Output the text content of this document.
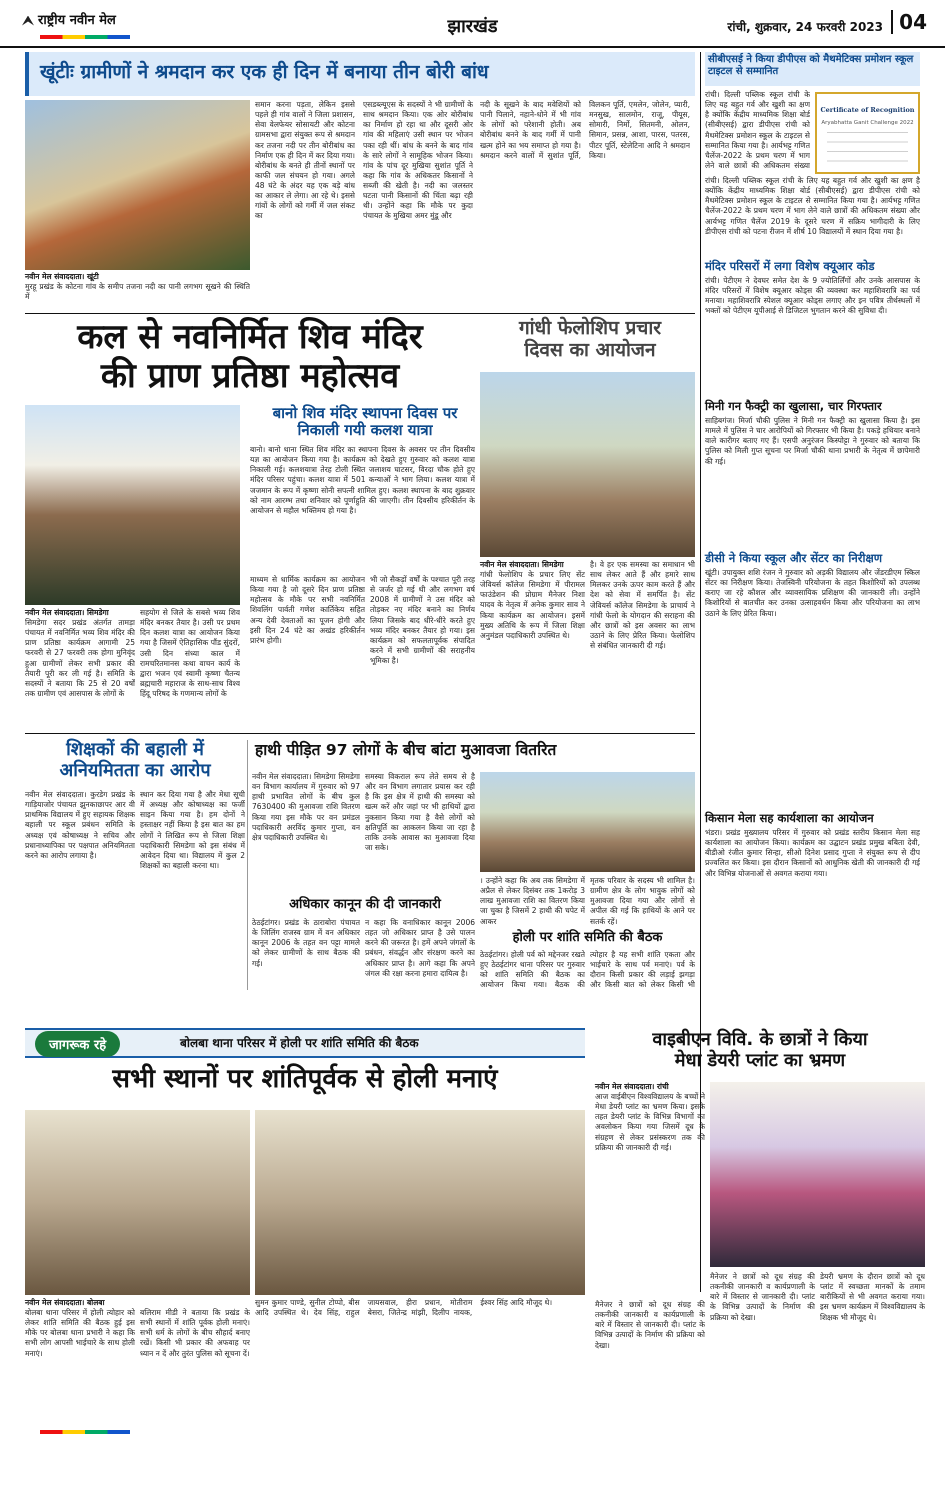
राष्ट्रीय नवीन मेल	झारखंड	रांची, शुक्रवार, 24 फरवरी 2023 04
खूंटीः ग्रामीणों ने श्रमदान कर एक ही दिन में बनाया तीन बोरी बांध
नवीन मेल संवाददाता। खूंटी
मुरहू प्रखंड के कोटना गांव के समीप तजना नदी का पानी लगभग सूखने की स्थिति में
समान करना पड़ता, लेकिन इससे पहले ही गांव वालों ने जिला प्रशासन, सेवा वेलफेयर सोसायटी और कोटना ग्रामसभा द्वारा संयुक्त रूप से श्रमदान कर तजना नदी पर तीन बोरीबांध का निर्माण एक ही दिन में कर दिया गया। बोरीबांध के बनते ही तीनों स्थानों पर काफी जल संचयन हो गया। अगले 48 घंटे के अंदर यह एक बड़े बांध का आकार ले लेगा। आ रहे थे। इससे गांवों के लोगों को गर्मी में जल संकट का
एसडब्ल्यूएस के सदस्यों ने भी ग्रामीणों के साथ श्रमदान किया। एक ओर बोरीबांध का निर्माण हो रहा था और दूसरी ओर गांव की महिलाएं उसी स्थान पर भोजन पका रही थीं। बांध के बनने के बाद गांव के सारे लोगों ने सामूहिक भोजन किया। गांव के पांच दूर मुखिया सुशांत पूर्ति ने कहा कि गांव के अधिकतर किसानों ने सब्जी की खेती है। नदी का जलस्तर घटता पानी किसानों की चिंता बढ़ा रही थी। उन्होंने कहा कि मौके पर कुदा पंचायत के मुखिया अमर मुंडू और
नदी के सूखने के बाद मवेशियों को पानी पिलाने, नहाने-धोने में भी गांव के लोगों को परेशानी होती। अब बोरीबांध बनने के बाद गर्मी में पानी खत्म होने का भय समाप्त हो गया है। श्रमदान करने वालों में सुशांत पूर्ति, विलकन पूर्ति, एमलेन, जोलेन, प्यारी, मनसुख, सालमोन, राजू, पीयूस, सोमारी, निर्मो, सितमनी, ओलन, सिमान, प्रसन्न, आशा, पारस, पतरस, पीटर पूर्ति, स्टेलेटिना आदि ने श्रमदान किया।
कल से नवनिर्मित शिव मंदिर
की प्राण प्रतिष्ठा महोत्सव
नवीन मेल संवाददाता। सिमडेगा
सिमडेगा सदर प्रखंड अंतर्गत तामड़ा पंचायत में नवनिर्मित भव्य शिव मंदिर की प्राण प्रतिष्ठा कार्यक्रम आगामी 25 फरवरी से 27 फरवरी तक होगा मुनिवृंद हुआ ग्रामीणों लेकर सभी प्रकार की तैयारी पूरी कर ली गई है। समिति के सदस्यों ने बताया कि 25 से 20 वर्षों तक ग्रामीण एवं आसपास के लोगों के
सहयोग से जिले के सबसे भव्य शिव मंदिर बनकर तैयार है। उसी पर प्रथम दिन कलश यात्रा का आयोजन किया गया है जिसमें ऐतिहासिक पौंड सुंदरों, उसी दिन संध्या काल में रामचरितमानस कथा वाचन कार्य के द्वारा भजन एवं स्वामी कृष्णा चैतन्य ब्रह्मचारी महाराज के साथ-साथ विश्व हिंदू परिषद के गणमान्य लोगों के
बानो शिव मंदिर स्थापना दिवस पर निकाली गयी कलश यात्रा
बानो। बानो थाना स्थित शिव मंदिर का स्थापना दिवस के अवसर पर तीन दिवसीय यज्ञ का आयोजन किया गया है। कार्यक्रम को देखते हुए गुरुवार को कलश यात्रा निकाली गई। कलशयात्रा तेरह टोली स्थित जलाशय घाटसर, विरदा चौक होते हुए मंदिर परिसर पहुंचा। कलश यात्रा में 501 कन्याओं ने भाग लिया। कलश यात्रा में जजमान के रूप में कृष्णा सोनी सपत्नी शामिल हुए। कलश स्थापना के बाद शुक्रवार को नाम आरम्भ तथा शनिवार को पूर्णाहुति की जाएगी। तीन दिवसीय हरिकीर्तन के आयोजन से महौल भक्तिमय हो गया है।
माध्यम से धार्मिक कार्यक्रम का आयोजन किया गया है जो दूसरे दिन प्राण प्रतिष्ठा महोत्सव के मौके पर सभी नवनिर्मित शिवलिंग पार्वती गणेश कार्तिकेय सहित अन्य देवी देवताओं का पूजन होगी और इसी दिन 24 घंटे का अखंड हरिकीर्तन प्रारंभ होगी।
भी जो सैकड़ों वर्षों के पश्चात पूरी तरह से जर्जर हो गई थी और लगभग वर्ष 2008 में ग्रामीणों ने उस मंदिर को तोड़कर नए मंदिर बनाने का निर्णय लिया जिसके बाद धीरे-धीरे करते हुए भव्य मंदिर बनकर तैयार हो गया। इस कार्यक्रम को सफलतापूर्वक संपादित करने में सभी ग्रामीणों की सराहनीय भूमिका है।
गांधी फेलोशिप प्रचार
दिवस का आयोजन
नवीन मेल संवाददाता। सिमडेगा
गांधी फेलोशिप के प्रचार लिए सेंट जेवियर्स कॉलेज सिमडेगा में पीरामल फाउंडेशन की प्रोग्राम मैनेजर निशा यादव के नेतृत्व में अनेक कुमार साव ने किया कार्यक्रम का आयोजन। इसमें मुख्य अतिथि के रूप में जिला शिक्षा अनुमंडल पदाधिकारी उपस्थित थे।
है। वे हर एक समस्या का समाधान भी साथ लेकर आते हैं और हमारे साथ मिलकर उनके ऊपर काम करते हैं और देश को सेवा में समर्पित है। सेंट जेवियर्स कॉलेज सिमडेगा के प्राचार्य ने गांधी फेलो के योगदान की सराहना की और छात्रों को इस अवसर का लाभ उठाने के लिए प्रेरित किया। फेलोशिप से संबंधित जानकारी दी गई।
शिक्षकों की बहाली में
अनियमितता का आरोप
नवीन मेल संवाददाता। कुरडेग प्रखंड के गाड़ियाजोर पंचायत झुनकाछापर आर वी प्राथमिक विद्यालय में हुए सहायक शिक्षक बहाली पर स्कूल प्रबंधन समिति के अध्यक्ष एवं कोषाध्यक्ष ने सचिव और प्रधानाध्यापिका पर पक्षपात अनियमितता करने का आरोप लगाया है।
स्थान कर दिया गया है और मेधा सूची में अध्यक्ष और कोषाध्यक्ष का फर्जी साइन किया गया है। हम दोनों ने हस्ताक्षर नहीं किया है इस बात का हम लोगों ने लिखित रूप से जिला शिक्षा पदाधिकारी सिमडेगा को इस संबंध में आवेदन दिया था। विद्यालय में कुल 2 शिक्षकों का बहाली करना था।
हाथी पीड़ित 97 लोगों के बीच बांटा मुआवजा वितरित
नवीन मेल संवाददाता। सिमडेगा सिमडेगा वन विभाग कार्यालय में गुरुवार को 97 हाथी प्रभावित लोगों के बीच कुल 7630400 की मुआवजा राशि वितरण किया गया इस मौके पर वन प्रमंडल पदाधिकारी अरविंद कुमार गुप्ता, वन क्षेत्र पदाधिकारी उपस्थित थे।
समस्या विकराल रूप लेते समय से है और वन विभाग लगातार प्रयास कर रही है कि इस क्षेत्र में हाथी की समस्या को खत्म करें और जहां पर भी हाथियों द्वारा नुकसान किया गया है वैसे लोगों को क्षतिपूर्ति का आकलन किया जा रहा है ताकि उनके आवास का मुआवजा दिया जा सके।
। उन्होंने कहा कि अब तक सिमडेगा में अप्रैल से लेकर दिसंबर तक 1करोड़ 3 लाख मुआवजा राशि का वितरण किया जा चुका है जिसमें 2 हाथी की चपेट में आकर
मृतक परिवार के सदस्य भी शामिल है। ग्रामीण क्षेत्र के लोग भावुक लोगों को मुआवजा दिया गया और लोगों से अपील की गई कि हाथियों के आने पर सतर्क रहें।
अधिकार कानून की दी जानकारी
ठेठईटांगर। प्रखंड के ठाराबोरा पंचायत के जिलिंग राजस्व ग्राम में वन अधिकार कानून 2006 के तहत वन पट्टा मामले को लेकर ग्रामीणों के साथ बैठक की गई।
न कहा कि वनाधिकार कानून 2006 तहत जो अधिकार प्राप्त है उसे पालन करने की जरूरत है। हमें अपने जंगलों के प्रबंधन, संवर्द्धन और संरक्षण करने का अधिकार प्राप्त है। आगे कहा कि अपने जंगल की रक्षा करना हमारा दायित्व है।
होली पर शांति समिति की बैठक
ठेठईटांगर। होली पर्व को मद्देनजर रखते हुए ठेठईटांगर थाना परिसर पर गुरुवार को शांति समिति की बैठक का आयोजन किया गया। बैठक की
त्योहार है यह सभी शांति एकता और भाईचारे के साथ पर्व मनाएं। पर्व के दौरान किसी प्रकार की लड़ाई झगड़ा और किसी बात को लेकर किसी भी
सीबीएसई ने किया डीपीएस को मैथमेटिक्स प्रमोशन स्कूल टाइटल से सम्मानित
रांची। दिल्ली पब्लिक स्कूल रांची के लिए यह बहुत गर्व और खुशी का क्षण है क्योंकि केंद्रीय माध्यमिक शिक्षा बोर्ड (सीबीएसई) द्वारा डीपीएस रांची को मैथमेटिक्स प्रमोशन स्कूल के टाइटल से सम्मानित किया गया है। आर्यभट्ट गणित चैलेंज-2022 के प्रथम चरण में भाग लेने वाले छात्रों की अधिकतम संख्या
Certificate of Recognition
Aryabhatta Ganit Challenge 2022
रांची। दिल्ली पब्लिक स्कूल रांची के लिए यह बहुत गर्व और खुशी का क्षण है क्योंकि केंद्रीय माध्यमिक शिक्षा बोर्ड (सीबीएसई) द्वारा डीपीएस रांची को मैथमेटिक्स प्रमोशन स्कूल के टाइटल से सम्मानित किया गया है। आर्यभट्ट गणित चैलेंज-2022 के प्रथम चरण में भाग लेने वाले छात्रों की अधिकतम संख्या और आर्यभट्ट गणित चैलेंज 2019 के दूसरे चरण में सक्रिय भागीदारी के लिए डीपीएस रांची को पटना रीजन में शीर्ष 10 विद्यालयों में स्थान दिया गया है।
मंदिर परिसरों में लगा विशेष क्यूआर कोड
रांची। पेटीएम ने देवघर समेत देश के 9 ज्योतिर्लिंगों और उनके आसपास के मंदिर परिसरों में विशेष क्यूआर कोड्स की व्यवस्था कर महाशिवरात्रि का पर्व मनाया। महाशिवरात्रि स्पेशल क्यूआर कोड्स लगाए और इन पवित्र तीर्थस्थलों में भक्तों को पेटीएम यूपीआई से डिजिटल भुगतान करने की सुविधा दी।
मिनी गन फैक्ट्री का खुलासा, चार गिरफ्तार
साहिबगंज। मिर्जा चौकी पुलिस ने मिनी गन फैक्ट्री का खुलासा किया है। इस मामले में पुलिस ने चार आरोपियों को गिरफ्तार भी किया है। पकड़े हथियार बनाने वाले कारीगर बताए गए हैं। एसपी अनुरंजन किस्पोट्टा ने गुरुवार को बताया कि पुलिस को मिली गुप्त सूचना पर मिर्जा चौकी थाना प्रभारी के नेतृत्व में छापेमारी की गई।
डीसी ने किया स्कूल और सेंटर का निरीक्षण
खूंटी। उपायुक्त शशि रंजन ने गुरुवार को अड़की विद्यालय और जेंडरडीएम स्किल सेंटर का निरीक्षण किया। तेजस्विनी परियोजना के तहत किशोरियों को उपलब्ध कराए जा रहे कौशल और व्यावसायिक प्रशिक्षण की जानकारी ली। उन्होंने किशोरियों से बातचीत कर उनका उत्साहवर्धन किया और परियोजना का लाभ उठाने के लिए प्रेरित किया।
किसान मेला सह कार्यशाला का आयोजन
भंडरा। प्रखंड मुख्यालय परिसर में गुरुवार को प्रखंड स्तरीय किसान मेला सह कार्यशाला का आयोजन किया। कार्यक्रम का उद्घाटन प्रखंड प्रमुख बबिता देवी, बीडीओ रंजीत कुमार सिन्हा, सीओ दिनेश प्रसाद गुप्ता ने संयुक्त रूप से दीप प्रज्वलित कर किया। इस दौरान किसानों को आधुनिक खेती की जानकारी दी गई और विभिन्न योजनाओं से अवगत कराया गया।
जागरूक रहे	बोलबा थाना परिसर में होली पर शांति समिति की बैठक
सभी स्थानों पर शांतिपूर्वक से होली मनाएं
नवीन मेल संवाददाता। बोलबा
बोलबा थाना परिसर में होली त्योहार को लेकर शांति समिति की बैठक हुई इस मौके पर बोलबा थाना प्रभारी ने कहा कि सभी लोग आपसी भाईचारे के साथ होली मनाएं।
बलिराम मीडी ने बताया कि प्रखंड के सभी स्थानों में शांति पूर्वक होली मनाएं। सभी धर्म के लोगों के बीच सौहार्द बनाए रखें। किसी भी प्रकार की अफवाह पर ध्यान न दें और तुरंत पुलिस को सूचना दें।
सुमन कुमार पाण्डे, सुनील टोप्पो, बीस आदि उपस्थित थे। देव सिंह, राहुल जायसवाल, हीरा प्रधान, मोतीराम बेसरा, जितेन्द्र मांझी, दिलीप नायक, ईश्वर सिंह आदि मौजूद थे।
वाइबीएन विवि. के छात्रों ने किया
मेधा डेयरी प्लांट का भ्रमण
नवीन मेल संवाददाता। रांची
आज वाईबीएन विश्वविद्यालय के बच्चों ने मेधा डेयरी प्लांट का भ्रमण किया। इसके तहत डेयरी प्लांट के विभिन्न विभागों का अवलोकन किया गया जिसमें दूध के संग्रहण से लेकर प्रसंस्करण तक की प्रक्रिया की जानकारी दी गई।
मैनेजर ने छात्रों को दूध संग्रह की तकनीकी जानकारी व कार्यप्रणाली के बारे में विस्तार से जानकारी दी। प्लांट के विभिन्न उत्पादों के निर्माण की प्रक्रिया को देखा।
मैनेजर ने छात्रों को दूध संग्रह की तकनीकी जानकारी व कार्यप्रणाली के बारे में विस्तार से जानकारी दी। प्लांट के विभिन्न उत्पादों के निर्माण की प्रक्रिया को देखा।
डेयरी भ्रमण के दौरान छात्रों को दूध प्लांट में स्वच्छता मानकों के तमाम बारीकियों से भी अवगत कराया गया। इस भ्रमण कार्यक्रम में विश्वविद्यालय के शिक्षक भी मौजूद थे।
